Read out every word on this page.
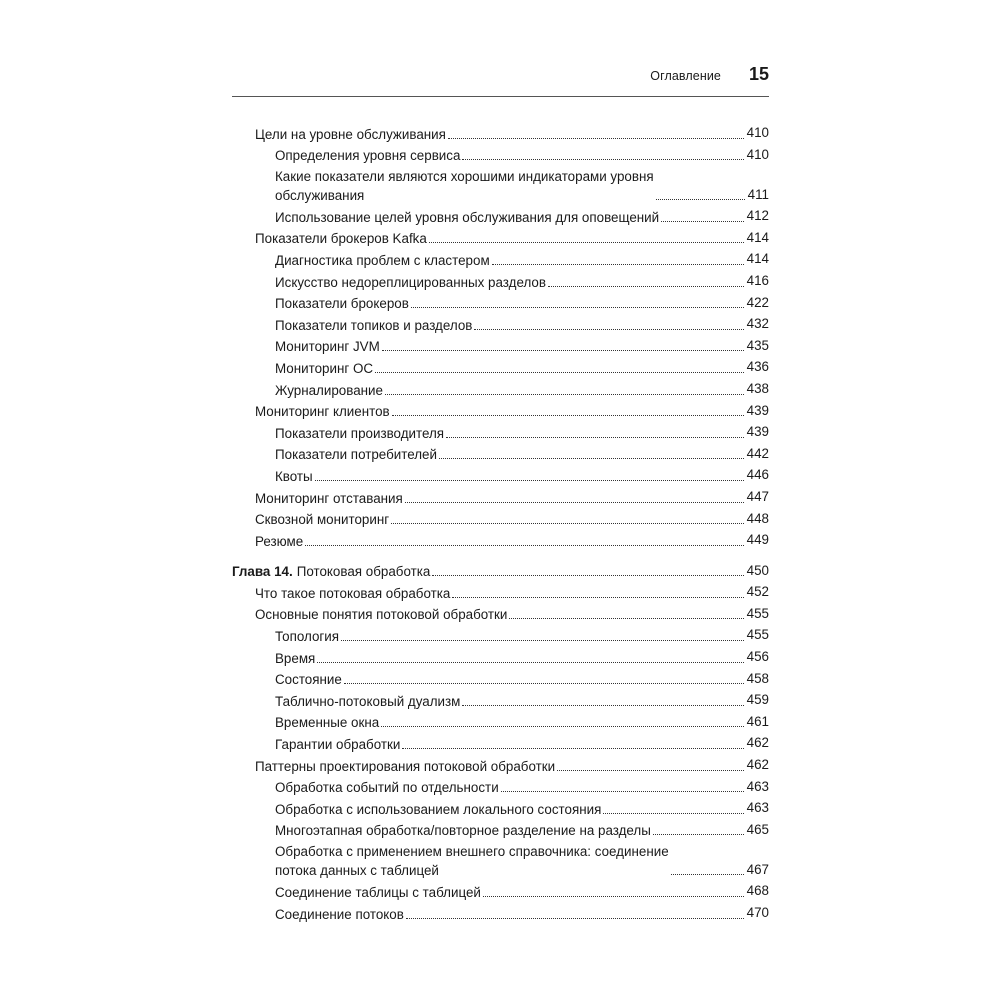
Оглавление 15
Цели на уровне обслуживания	410
Определения уровня сервиса	410
Какие показатели являются хорошими индикаторами уровня
обслуживания	411
Использование целей уровня обслуживания для оповещений	412
Показатели брокеров Kafka	414
Диагностика проблем с кластером	414
Искусство недореплицированных разделов	416
Показатели брокеров	422
Показатели топиков и разделов	432
Мониторинг JVM	435
Мониторинг ОС	436
Журналирование	438
Мониторинг клиентов	439
Показатели производителя	439
Показатели потребителей	442
Квоты	446
Мониторинг отставания	447
Сквозной мониторинг	448
Резюме	449
Глава 14. Потоковая обработка	450
Что такое потоковая обработка	452
Основные понятия потоковой обработки	455
Топология	455
Время	456
Состояние	458
Таблично-потоковый дуализм	459
Временные окна	461
Гарантии обработки	462
Паттерны проектирования потоковой обработки	462
Обработка событий по отдельности	463
Обработка с использованием локального состояния	463
Многоэтапная обработка/повторное разделение на разделы	465
Обработка с применением внешнего справочника: соединение
потока данных с таблицей	467
Соединение таблицы с таблицей	468
Соединение потоков	470
